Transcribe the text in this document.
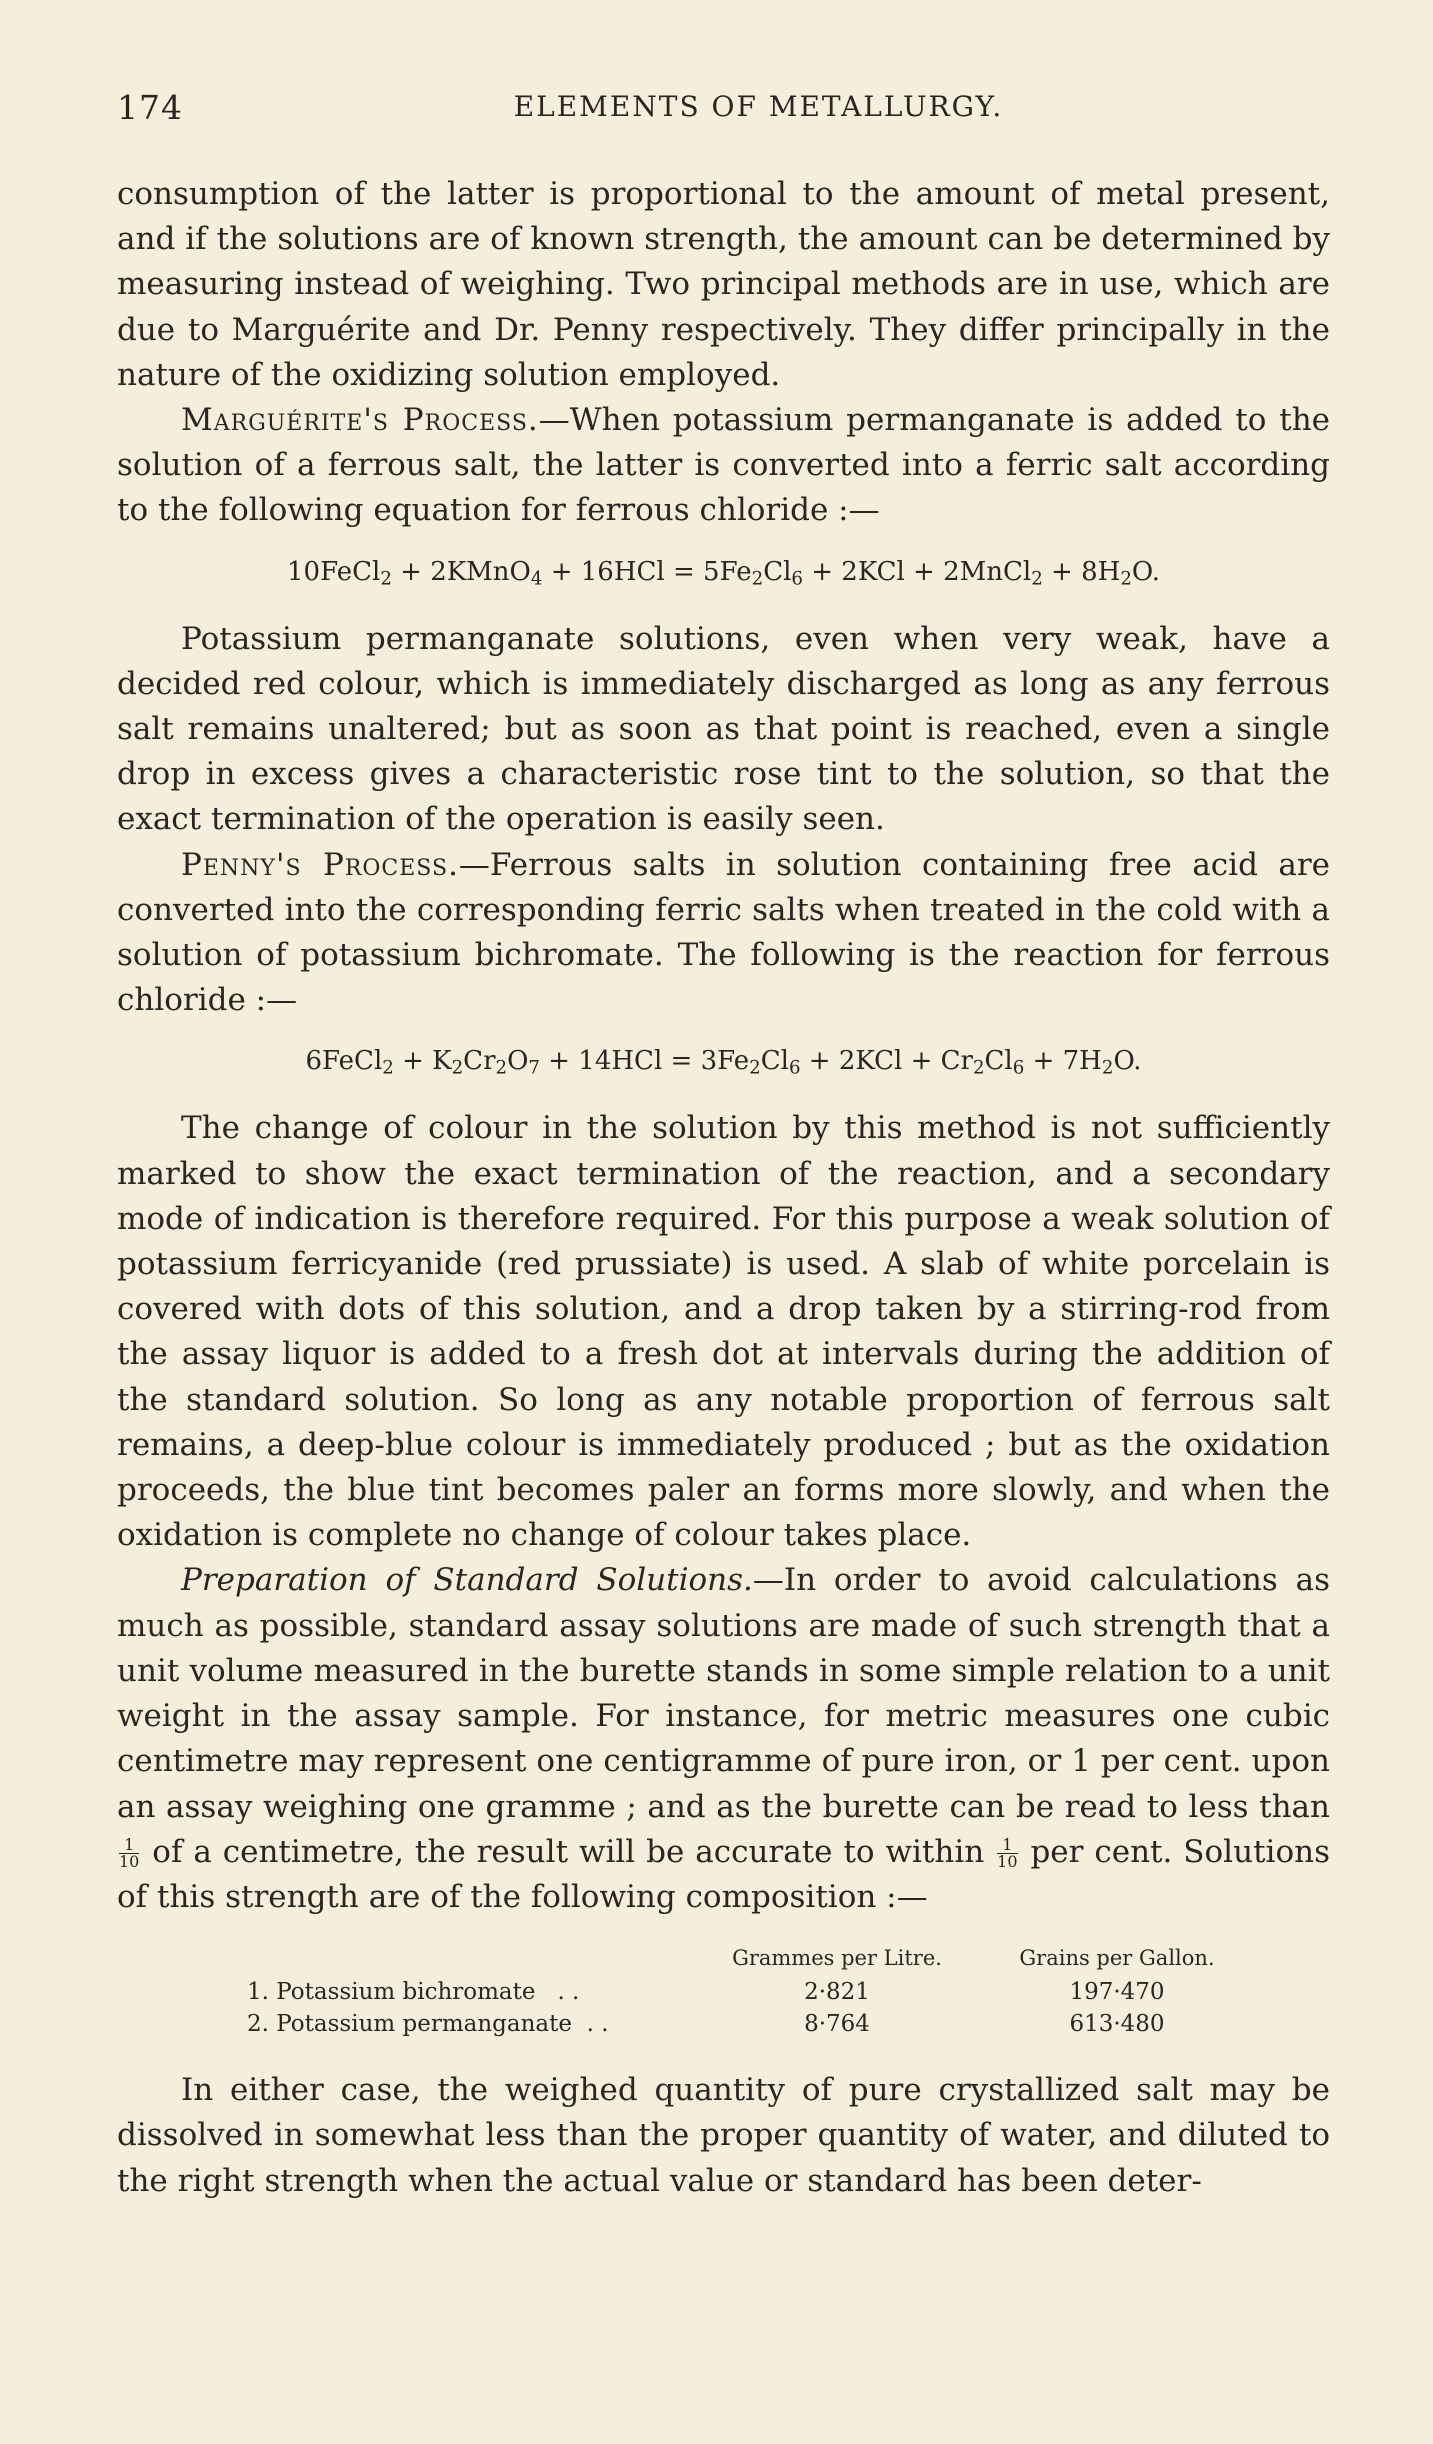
174	ELEMENTS OF METALLURGY.

consumption of the latter is proportional to the amount of metal present, and if the solutions are of known strength, the amount can be determined by measuring instead of weighing. Two principal methods are in use, which are due to Marguérite and Dr. Penny respectively. They differ principally in the nature of the oxidizing solution employed.

Marguérite's Process.—When potassium permanganate is added to the solution of a ferrous salt, the latter is converted into a ferric salt according to the following equation for ferrous chloride :—

10FeCl$_2$ + 2KMnO$_4$ + $16HCl = 5Fe_2Cl_6 + 2KCl$ + 2MnCl$_2$ + $8H_2O$.

Potassium permanganate solutions, even when very weak, have a decided red colour, which is immediately discharged as long as any ferrous salt remains unaltered; but as soon as that point is reached, even a single drop in excess gives a characteristic rose tint to the solution, so that the exact termination of the operation is easily seen.

Penny's Process.—Ferrous salts in solution containing free acid are converted into the corresponding ferric salts when treated in the cold with a solution of potassium bichromate. The following is the reaction for ferrous chloride :—

6FeCl$_2$ + $K_2Cr_2O_7 + 14HCl = 3Fe_2Cl_6 + 2KCl + Cr_2Cl_6 + 7H_2O$.

The change of colour in the solution by this method is not sufficiently marked to show the exact termination of the reaction, and a secondary mode of indication is therefore required. For this purpose a weak solution of potassium ferricyanide (red prussiate) is used. A slab of white porcelain is covered with dots of this solution, and a drop taken by a stirring-rod from the assay liquor is added to a fresh dot at intervals during the addition of the standard solution. So long as any notable proportion of ferrous salt remains, a deep-blue colour is immediately produced ; but as the oxidation proceeds, the blue tint becomes paler an forms more slowly, and when the oxidation is complete no change of colour takes place.

Preparation of Standard Solutions.—In order to avoid calculations as much as possible, standard assay solutions are made of such strength that a unit volume measured in the burette stands in some simple relation to a unit weight in the assay sample. For instance, for metric measures one cubic centimetre may represent one centigramme of pure iron, or 1 per cent. upon an assay weighing one gramme ; and as the burette can be read to less than
$\frac{1}{10}$ of a centimetre, the result will be accurate to within $\frac{1}{10}$ per cent. Solutions of this strength are of the following composition :—

	Grammes per Litre.	Grains per Gallon.
1. Potassium bichromate . .	2·821	197·470
2. Potassium permanganate . .	8·764	613·480

In either case, the weighed quantity of pure crystallized salt may be dissolved in somewhat less than the proper quantity of water, and diluted to the right strength when the actual value or standard has been deter-
